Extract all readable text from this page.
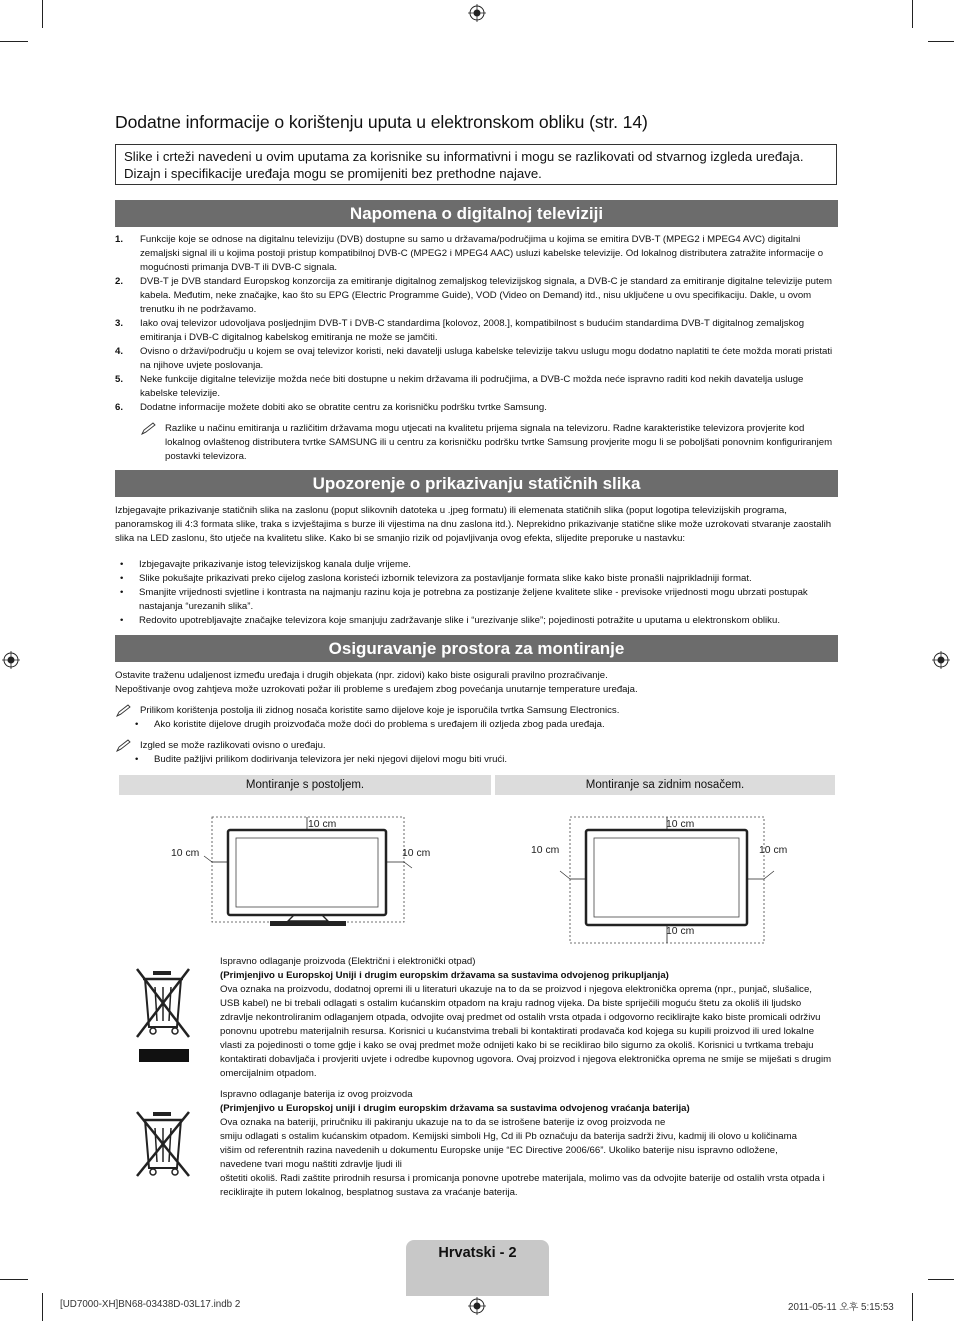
Dodatne informacije o korištenju uputa u elektronskom obliku (str. 14)
Slike i crteži navedeni u ovim uputama za korisnike su informativni i mogu se razlikovati od stvarnog izgleda uređaja. Dizajn i specifikacije uređaja mogu se promijeniti bez prethodne najave.
Napomena o digitalnoj televiziji
1. Funkcije koje se odnose na digitalnu televiziju (DVB) dostupne su samo u državama/područjima u kojima se emitira DVB-T (MPEG2 i MPEG4 AVC) digitalni zemaljski signal ili u kojima postoji pristup kompatibilnoj DVB-C (MPEG2 i MPEG4 AAC) usluzi kabelske televizije. Od lokalnog distributera zatražite informacije o mogućnosti primanja DVB-T ili DVB-C signala.
2. DVB-T je DVB standard Europskog konzorcija za emitiranje digitalnog zemaljskog televizijskog signala, a DVB-C je standard za emitiranje digitalne televizije putem kabela. Međutim, neke značajke, kao što su EPG (Electric Programme Guide), VOD (Video on Demand) itd., nisu uključene u ovu specifikaciju. Dakle, u ovom trenutku ih ne podržavamo.
3. Iako ovaj televizor udovoljava posljednjim DVB-T i DVB-C standardima [kolovoz, 2008.], kompatibilnost s budućim standardima DVB-T digitalnog zemaljskog emitiranja i DVB-C digitalnog kabelskog emitiranja ne može se jamčiti.
4. Ovisno o državi/području u kojem se ovaj televizor koristi, neki davatelji usluga kabelske televizije takvu uslugu mogu dodatno naplatiti te ćete možda morati pristati na njihove uvjete poslovanja.
5. Neke funkcije digitalne televizije možda neće biti dostupne u nekim državama ili područjima, a DVB-C možda neće ispravno raditi kod nekih davatelja usluge kabelske televizije.
6. Dodatne informacije možete dobiti ako se obratite centru za korisničku podršku tvrtke Samsung.
Razlike u načinu emitiranja u različitim državama mogu utjecati na kvalitetu prijema signala na televizoru. Radne karakteristike televizora provjerite kod lokalnog ovlaštenog distributera tvrtke SAMSUNG ili u centru za korisničku podršku tvrtke Samsung provjerite mogu li se poboljšati ponovnim konfiguriranjem postavki televizora.
Upozorenje o prikazivanju statičnih slika
Izbjegavajte prikazivanje statičnih slika na zaslonu (poput slikovnih datoteka u .jpeg formatu) ili elemenata statičnih slika (poput logotipa televizijskih programa, panoramskog ili 4:3 formata slike, traka s izvještajima s burze ili vijestima na dnu zaslona itd.). Neprekidno prikazivanje statične slike može uzrokovati stvaranje zaostalih slika na LED zaslonu, što utječe na kvalitetu slike. Kako bi se smanjio rizik od pojavljivanja ovog efekta, slijedite preporuke u nastavku:
• Izbjegavajte prikazivanje istog televizijskog kanala dulje vrijeme.
• Slike pokušajte prikazivati preko cijelog zaslona koristeći izbornik televizora za postavljanje formata slike kako biste pronašli najprikladniji format.
• Smanjite vrijednosti svjetline i kontrasta na najmanju razinu koja je potrebna za postizanje željene kvalitete slike - previsoke vrijednosti mogu ubrzati postupak nastajanja “urezanih slika”.
• Redovito upotrebljavajte značajke televizora koje smanjuju zadržavanje slike i “urezivanje slike”; pojedinosti potražite u uputama u elektronskom obliku.
Osiguravanje prostora za montiranje
Ostavite traženu udaljenost između uređaja i drugih objekata (npr. zidovi) kako biste osigurali pravilno prozračivanje.
Nepoštivanje ovog zahtjeva može uzrokovati požar ili probleme s uređajem zbog povećanja unutarnje temperature uređaja.
Prilikom korištenja postolja ili zidnog nosača koristite samo dijelove koje je isporučila tvrtka Samsung Electronics.
• Ako koristite dijelove drugih proizvođača može doći do problema s uređajem ili ozljeda zbog pada uređaja.
Izgled se može razlikovati ovisno o uređaju.
• Budite pažljivi prilikom dodirivanja televizora jer neki njegovi dijelovi mogu biti vrući.
Montiranje s postoljem.	Montiranje sa zidnim nosačem.
10 cm
10 cm	10 cm
10 cm
10 cm	10 cm
10 cm
Ispravno odlaganje proizvoda (Električni i elektronički otpad)
(Primjenjivo u Europskoj Uniji i drugim europskim državama sa sustavima odvojenog prikupljanja)
Ova oznaka na proizvodu, dodatnoj opremi ili u literaturi ukazuje na to da se proizvod i njegova elektronička oprema (npr., punjač, slušalice, USB kabel) ne bi trebali odlagati s ostalim kućanskim otpadom na kraju radnog vijeka. Da biste spriječili moguću štetu za okoliš ili ljudsko zdravlje nekontroliranim odlaganjem otpada, odvojite ovaj predmet od ostalih vrsta otpada i odgovorno reciklirajte kako biste promicali održivu ponovnu upotrebu materijalnih resursa. Korisnici u kućanstvima trebali bi kontaktirati prodavača kod kojega su kupili proizvod ili ured lokalne vlasti za pojedinosti o tome gdje i kako se ovaj predmet može odnijeti kako bi se reciklirao bilo sigurno za okoliš. Korisnici u tvrtkama trebaju kontaktirati dobavljača i provjeriti uvjete i odredbe kupovnog ugovora. Ovaj proizvod i njegova elektronička oprema ne smije se miješati s drugim omercijalnim otpadom.
Ispravno odlaganje baterija iz ovog proizvoda
(Primjenjivo u Europskoj uniji i drugim europskim državama sa sustavima odvojenog vraćanja baterija)
Ova oznaka na bateriji, priručniku ili pakiranju ukazuje na to da se istrošene baterije iz ovog proizvoda ne
smiju odlagati s ostalim kućanskim otpadom. Kemijski simboli Hg, Cd ili Pb označuju da baterija sadrži živu, kadmij ili olovo u količinama višim od referentnih razina navedenih u dokumentu Europske unije “EC Directive 2006/66”. Ukoliko baterije nisu ispravno odložene, navedene tvari mogu naštiti zdravlje ljudi ili
oštetiti okoliš. Radi zaštite prirodnih resursa i promicanja ponovne upotrebe materijala, molimo vas da odvojite baterije od ostalih vrsta otpada i reciklirajte ih putem lokalnog, besplatnog sustava za vraćanje baterija.
Hrvatski - 2
[UD7000-XH]BN68-03438D-03L17.indb 2	2011-05-11 오후 5:15:53
